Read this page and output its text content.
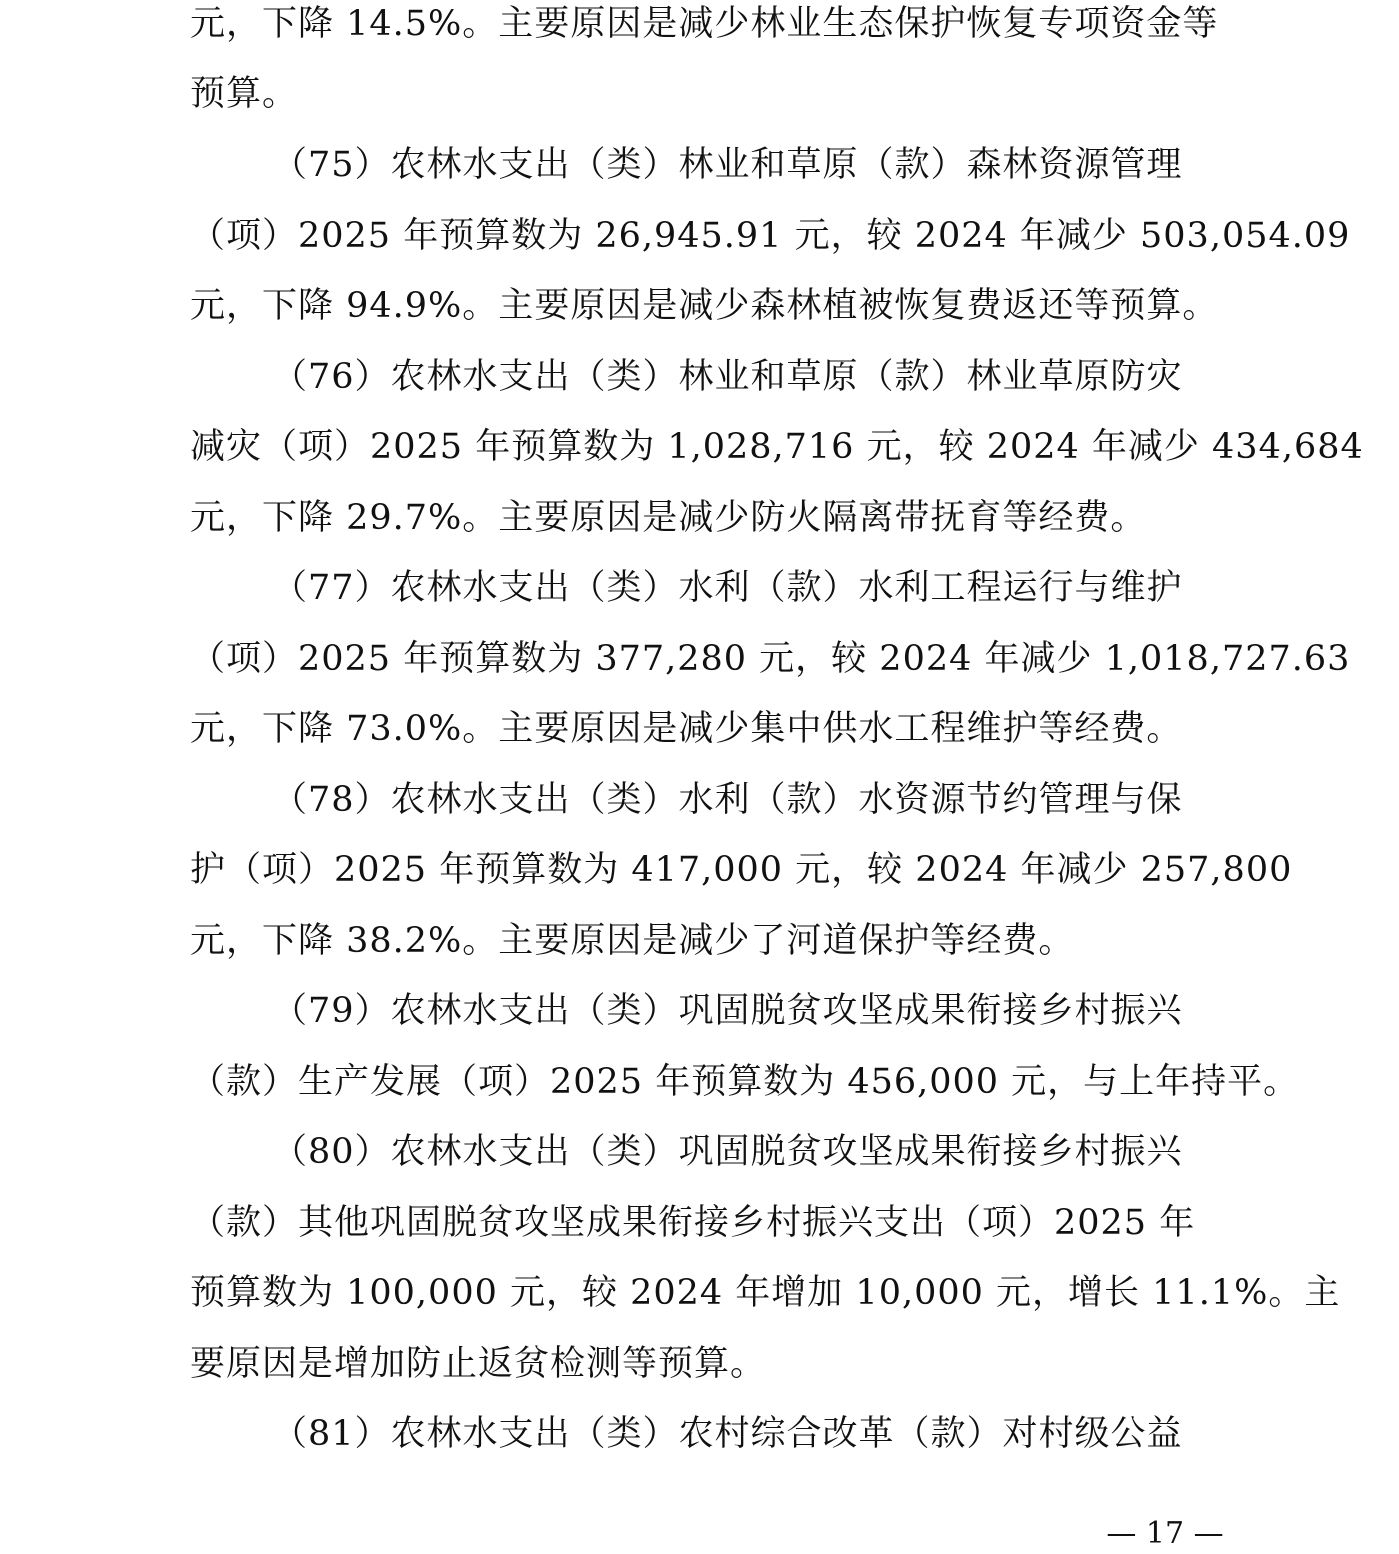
元，下降 14.5%。主要原因是减少林业生态保护恢复专项资金等
预算。
（75）农林水支出（类）林业和草原（款）森林资源管理
（项）2025 年预算数为 26,945.91 元，较 2024 年减少 503,054.09
元，下降 94.9%。主要原因是减少森林植被恢复费返还等预算。
（76）农林水支出（类）林业和草原（款）林业草原防灾
减灾（项）2025 年预算数为 1,028,716 元，较 2024 年减少 434,684
元，下降 29.7%。主要原因是减少防火隔离带抚育等经费。
（77）农林水支出（类）水利（款）水利工程运行与维护
（项）2025 年预算数为 377,280 元，较 2024 年减少 1,018,727.63
元，下降 73.0%。主要原因是减少集中供水工程维护等经费。
（78）农林水支出（类）水利（款）水资源节约管理与保
护（项）2025 年预算数为 417,000 元，较 2024 年减少 257,800
元，下降 38.2%。主要原因是减少了河道保护等经费。
（79）农林水支出（类）巩固脱贫攻坚成果衔接乡村振兴
（款）生产发展（项）2025 年预算数为 456,000 元，与上年持平。
（80）农林水支出（类）巩固脱贫攻坚成果衔接乡村振兴
（款）其他巩固脱贫攻坚成果衔接乡村振兴支出（项）2025 年
预算数为 100,000 元，较 2024 年增加 10,000 元，增长 11.1%。主
要原因是增加防止返贫检测等预算。
（81）农林水支出（类）农村综合改革（款）对村级公益
— 17 —
